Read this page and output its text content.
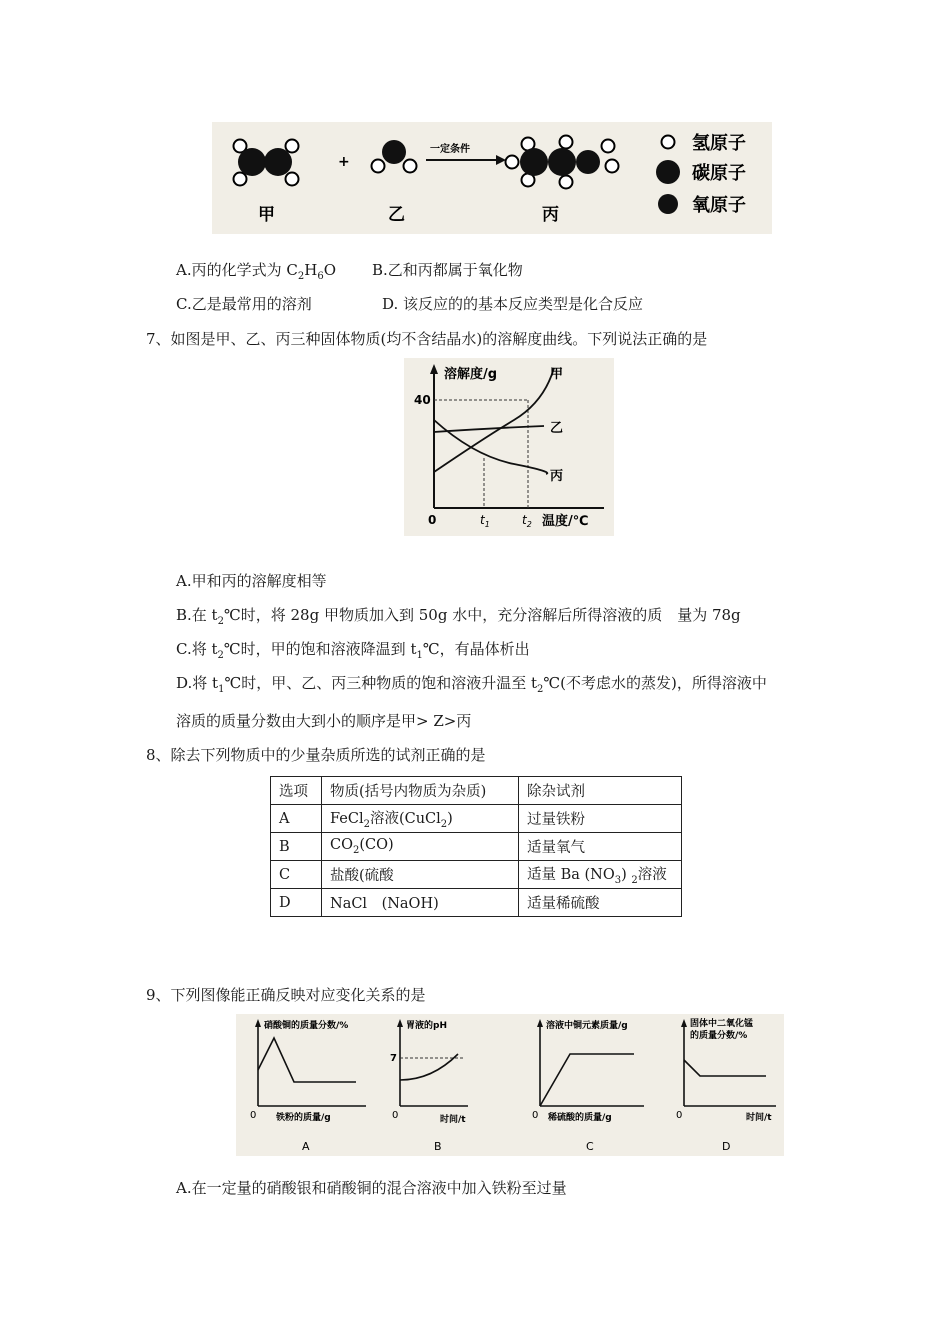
+
一定条件
甲	乙	丙
氢原子
碳原子
氧原子
A.丙的化学式为 $C_2H_6O$ B.乙和丙都属于氧化物
C.乙是最常用的溶剂	D. 该反应的的基本反应类型是化合反应
7、如图是甲、乙、丙三种固体物质(均不含结晶水)的溶解度曲线。下列说法正确的是
溶解度/g
40
甲
乙
丙
0	$t_1$	$t_2$ 温度/℃
A.甲和丙的溶解度相等
B.在 $t_2℃$时，将 28g 甲物质加入到 50g 水中，充分溶解后所得溶液的质　量为 78g
C.将 $t_2℃$时，甲的饱和溶液降温到 $t_1℃$，有晶体析出
D.将 $t_1℃$时，甲、乙、丙三种物质的饱和溶液升温至 $t_2℃$(不考虑水的蒸发)，所得溶液中
溶质的质量分数由大到小的顺序是甲> Z>丙
8、除去下列物质中的少量杂质所选的试剂正确的是
选项	物质(括号内物质为杂质)	除杂试剂
A	FeCl$_2$溶液(CuCl$_2$)	过量铁粉
B	$CO_2(CO)$	适量氧气
C	盐酸(硫酸	适量 Ba $(NO_3)$ $_2$溶液
D	NaCl　(NaOH)	适量稀硫酸
9、下列图像能正确反映对应变化关系的是
硝酸铜的质量分数/%
0 铁粉的质量/g
A
胃液的pH
7
0	时间/t
B
溶液中铜元素质量/g
0 稀硫酸的质量/g
C
固体中二氧化锰
的质量分数/%
0	时间/t
D
A.在一定量的硝酸银和硝酸铜的混合溶液中加入铁粉至过量
